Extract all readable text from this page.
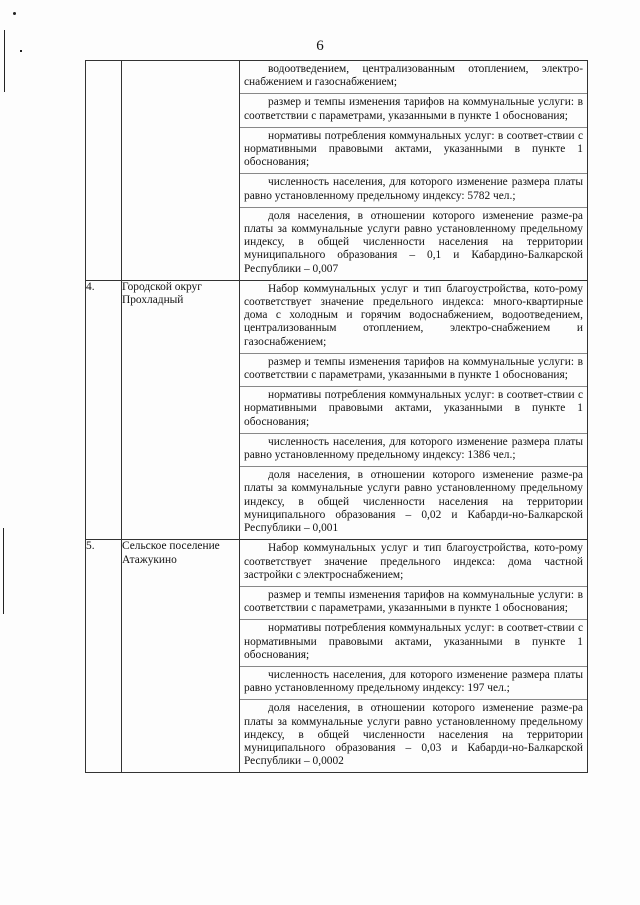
6

		водоотведением, централизованным отоплением, электро-снабжением и газоснабжением;
размер и темпы изменения тарифов на коммунальные услуги: в соответствии с параметрами, указанными в пункте 1 обоснования;
нормативы потребления коммунальных услуг: в соответ-ствии с нормативными правовыми актами, указанными в пункте 1 обоснования;
численность населения, для которого изменение размера платы равно установленному предельному индексу: 5782 чел.;
доля населения, в отношении которого изменение разме-ра платы за коммунальные услуги равно установленному предельному индексу, в общей численности населения на территории муниципального образования – 0,1 и Кабардино-Балкарской Республики – 0,007

4.	Городской округ Прохладный	Набор коммунальных услуг и тип благоустройства, кото-рому соответствует значение предельного индекса: много-квартирные дома с холодным и горячим водоснабжением, водоотведением, централизованным отоплением, электро-снабжением и газоснабжением;
размер и темпы изменения тарифов на коммунальные услуги: в соответствии с параметрами, указанными в пункте 1 обоснования;
нормативы потребления коммунальных услуг: в соответ-ствии с нормативными правовыми актами, указанными в пункте 1 обоснования;
численность населения, для которого изменение размера платы равно установленному предельному индексу: 1386 чел.;
доля населения, в отношении которого изменение разме-ра платы за коммунальные услуги равно установленному предельному индексу, в общей численности населения на территории муниципального образования – 0,02 и Кабарди-но-Балкарской Республики – 0,001

5.	Сельское поселение Атажукино	Набор коммунальных услуг и тип благоустройства, кото-рому соответствует значение предельного индекса: дома частной застройки с электроснабжением;
размер и темпы изменения тарифов на коммунальные услуги: в соответствии с параметрами, указанными в пункте 1 обоснования;
нормативы потребления коммунальных услуг: в соответ-ствии с нормативными правовыми актами, указанными в пункте 1 обоснования;
численность населения, для которого изменение размера платы равно установленному предельному индексу: 197 чел.;
доля населения, в отношении которого изменение разме-ра платы за коммунальные услуги равно установленному предельному индексу, в общей численности населения на территории муниципального образования – 0,03 и Кабарди-но-Балкарской Республики – 0,0002
